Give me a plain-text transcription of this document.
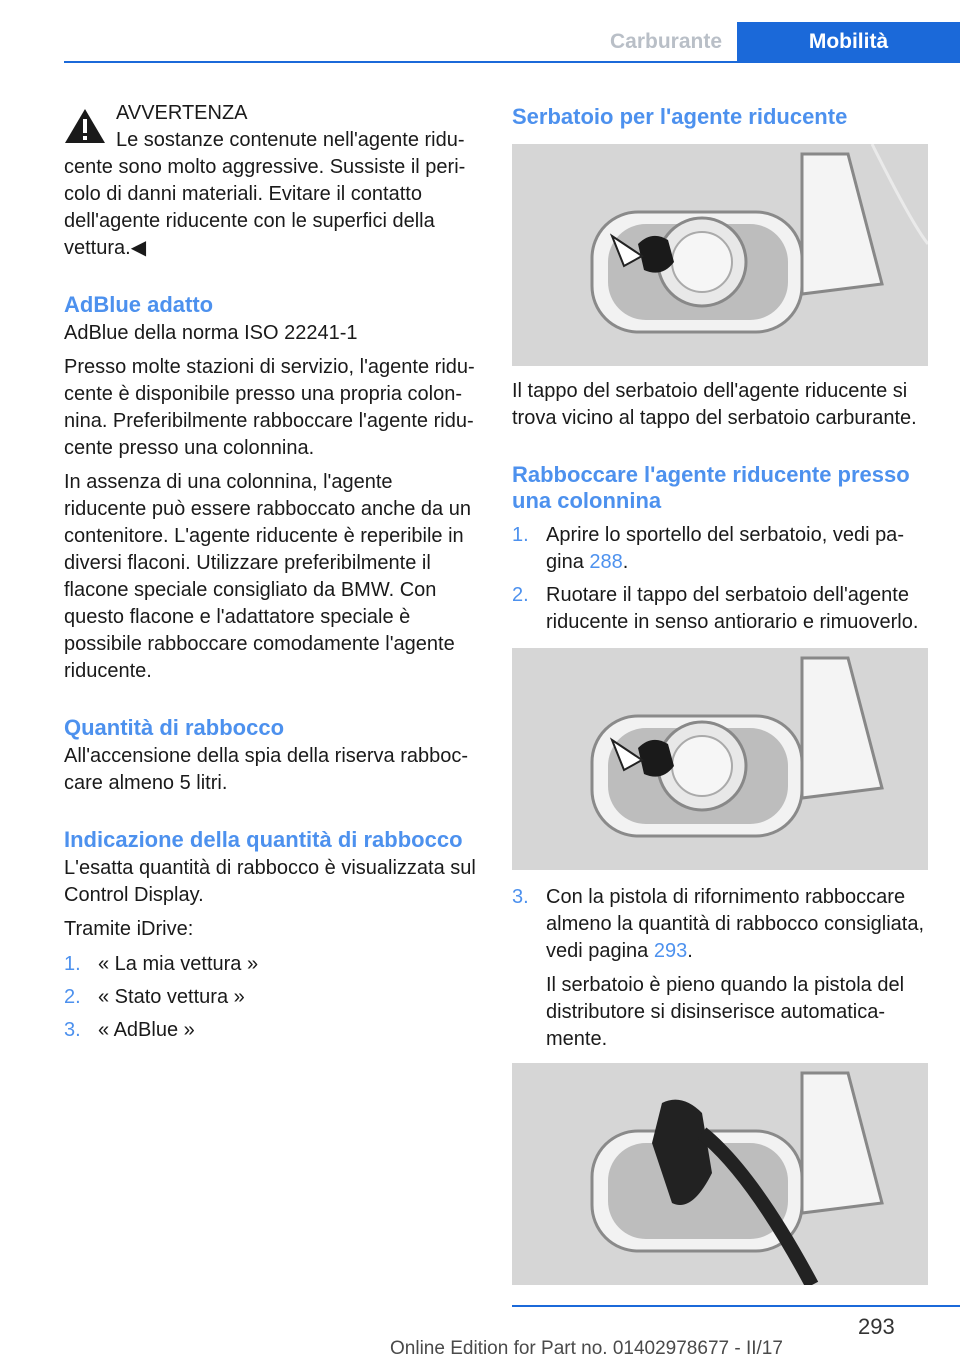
Carburante	Mobilità
AVVERTENZA
Le sostanze contenute nell'agente ridu-
cente sono molto aggressive. Sussiste il pericolo di danni materiali. Evitare il contatto dell'agente riducente con le superfici della vettura.◀
AdBlue adatto

AdBlue della norma ISO 22241‑1

Presso molte stazioni di servizio, l'agente riducente è disponibile presso una propria colonnina. Preferibilmente rabboccare l'agente riducente presso una colonnina.

In assenza di una colonnina, l'agente riducente può essere rabboccato anche da un contenitore. L'agente riducente è reperibile in diversi flaconi. Utilizzare preferibilmente il flacone speciale consigliato da BMW. Con questo flacone e l'adattatore speciale è possibile rabboccare comodamente l'agente riducente.

Quantità di rabbocco

All'accensione della spia della riserva rabboccare almeno 5 litri.

Indicazione della quantità di rabbocco

L'esatta quantità di rabbocco è visualizzata sul Control Display.

Tramite iDrive:

1. « La mia vettura »
2. « Stato vettura »
3. « AdBlue »
Serbatoio per l'agente riducente

Il tappo del serbatoio dell'agente riducente si trova vicino al tappo del serbatoio carburante.

Rabboccare l'agente riducente presso una colonnina
1. Aprire lo sportello del serbatoio, vedi pagina 288.
2. Ruotare il tappo del serbatoio dell'agente riducente in senso antiorario e rimuoverlo.
3. Con la pistola di rifornimento rabboccare almeno la quantità di rabbocco consigliata, vedi pagina 293.

Il serbatoio è pieno quando la pistola del distributore si disinserisce automaticamente.

293
Online Edition for Part no. 01402978677 - II/17
